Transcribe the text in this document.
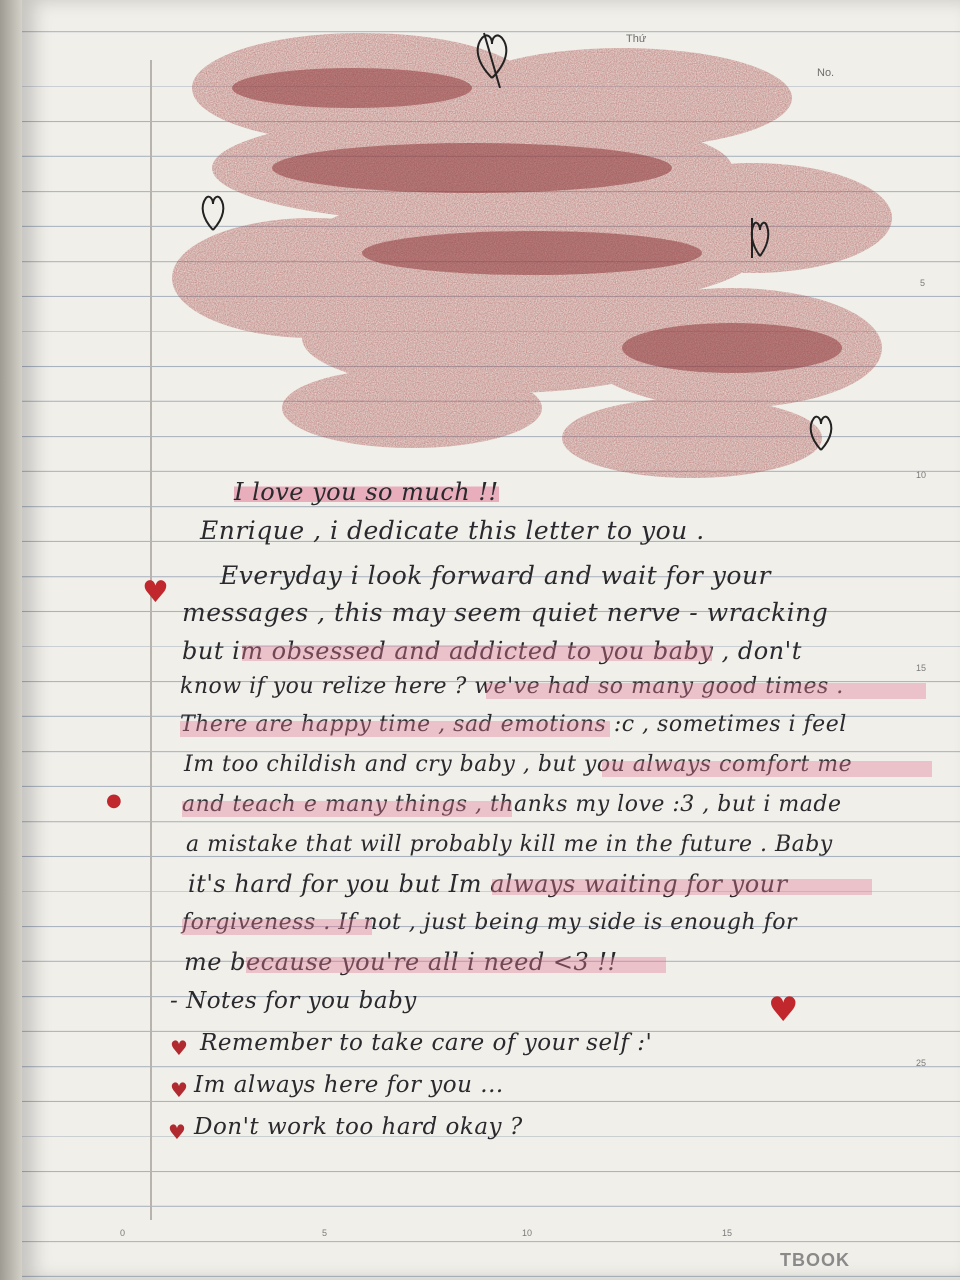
Thứ
No.
5
10
15
25
0	5	10	15
I love you so much !!
Enrique , i dedicate this letter to you .
Everyday i look forward and wait for your
messages , this may seem quiet nerve - wracking
but im obsessed and addicted to you baby , don't
know if you relize here ? we've had so many good times .
There are happy time , sad emotions :c , sometimes i feel
Im too childish and cry baby , but you always comfort me
and teach e many things , thanks my love :3 , but i made
a mistake that will probably kill me in the future . Baby
it's hard for you but Im always waiting for your
forgiveness . If not , just being my side is enough for
me because you're all i need <3 !!
♥
●
♥
- Notes for you baby
♥ Remember to take care of your self :'
♥ Im always here for you ...
♥ Don't work too hard okay ?
TBOOK
